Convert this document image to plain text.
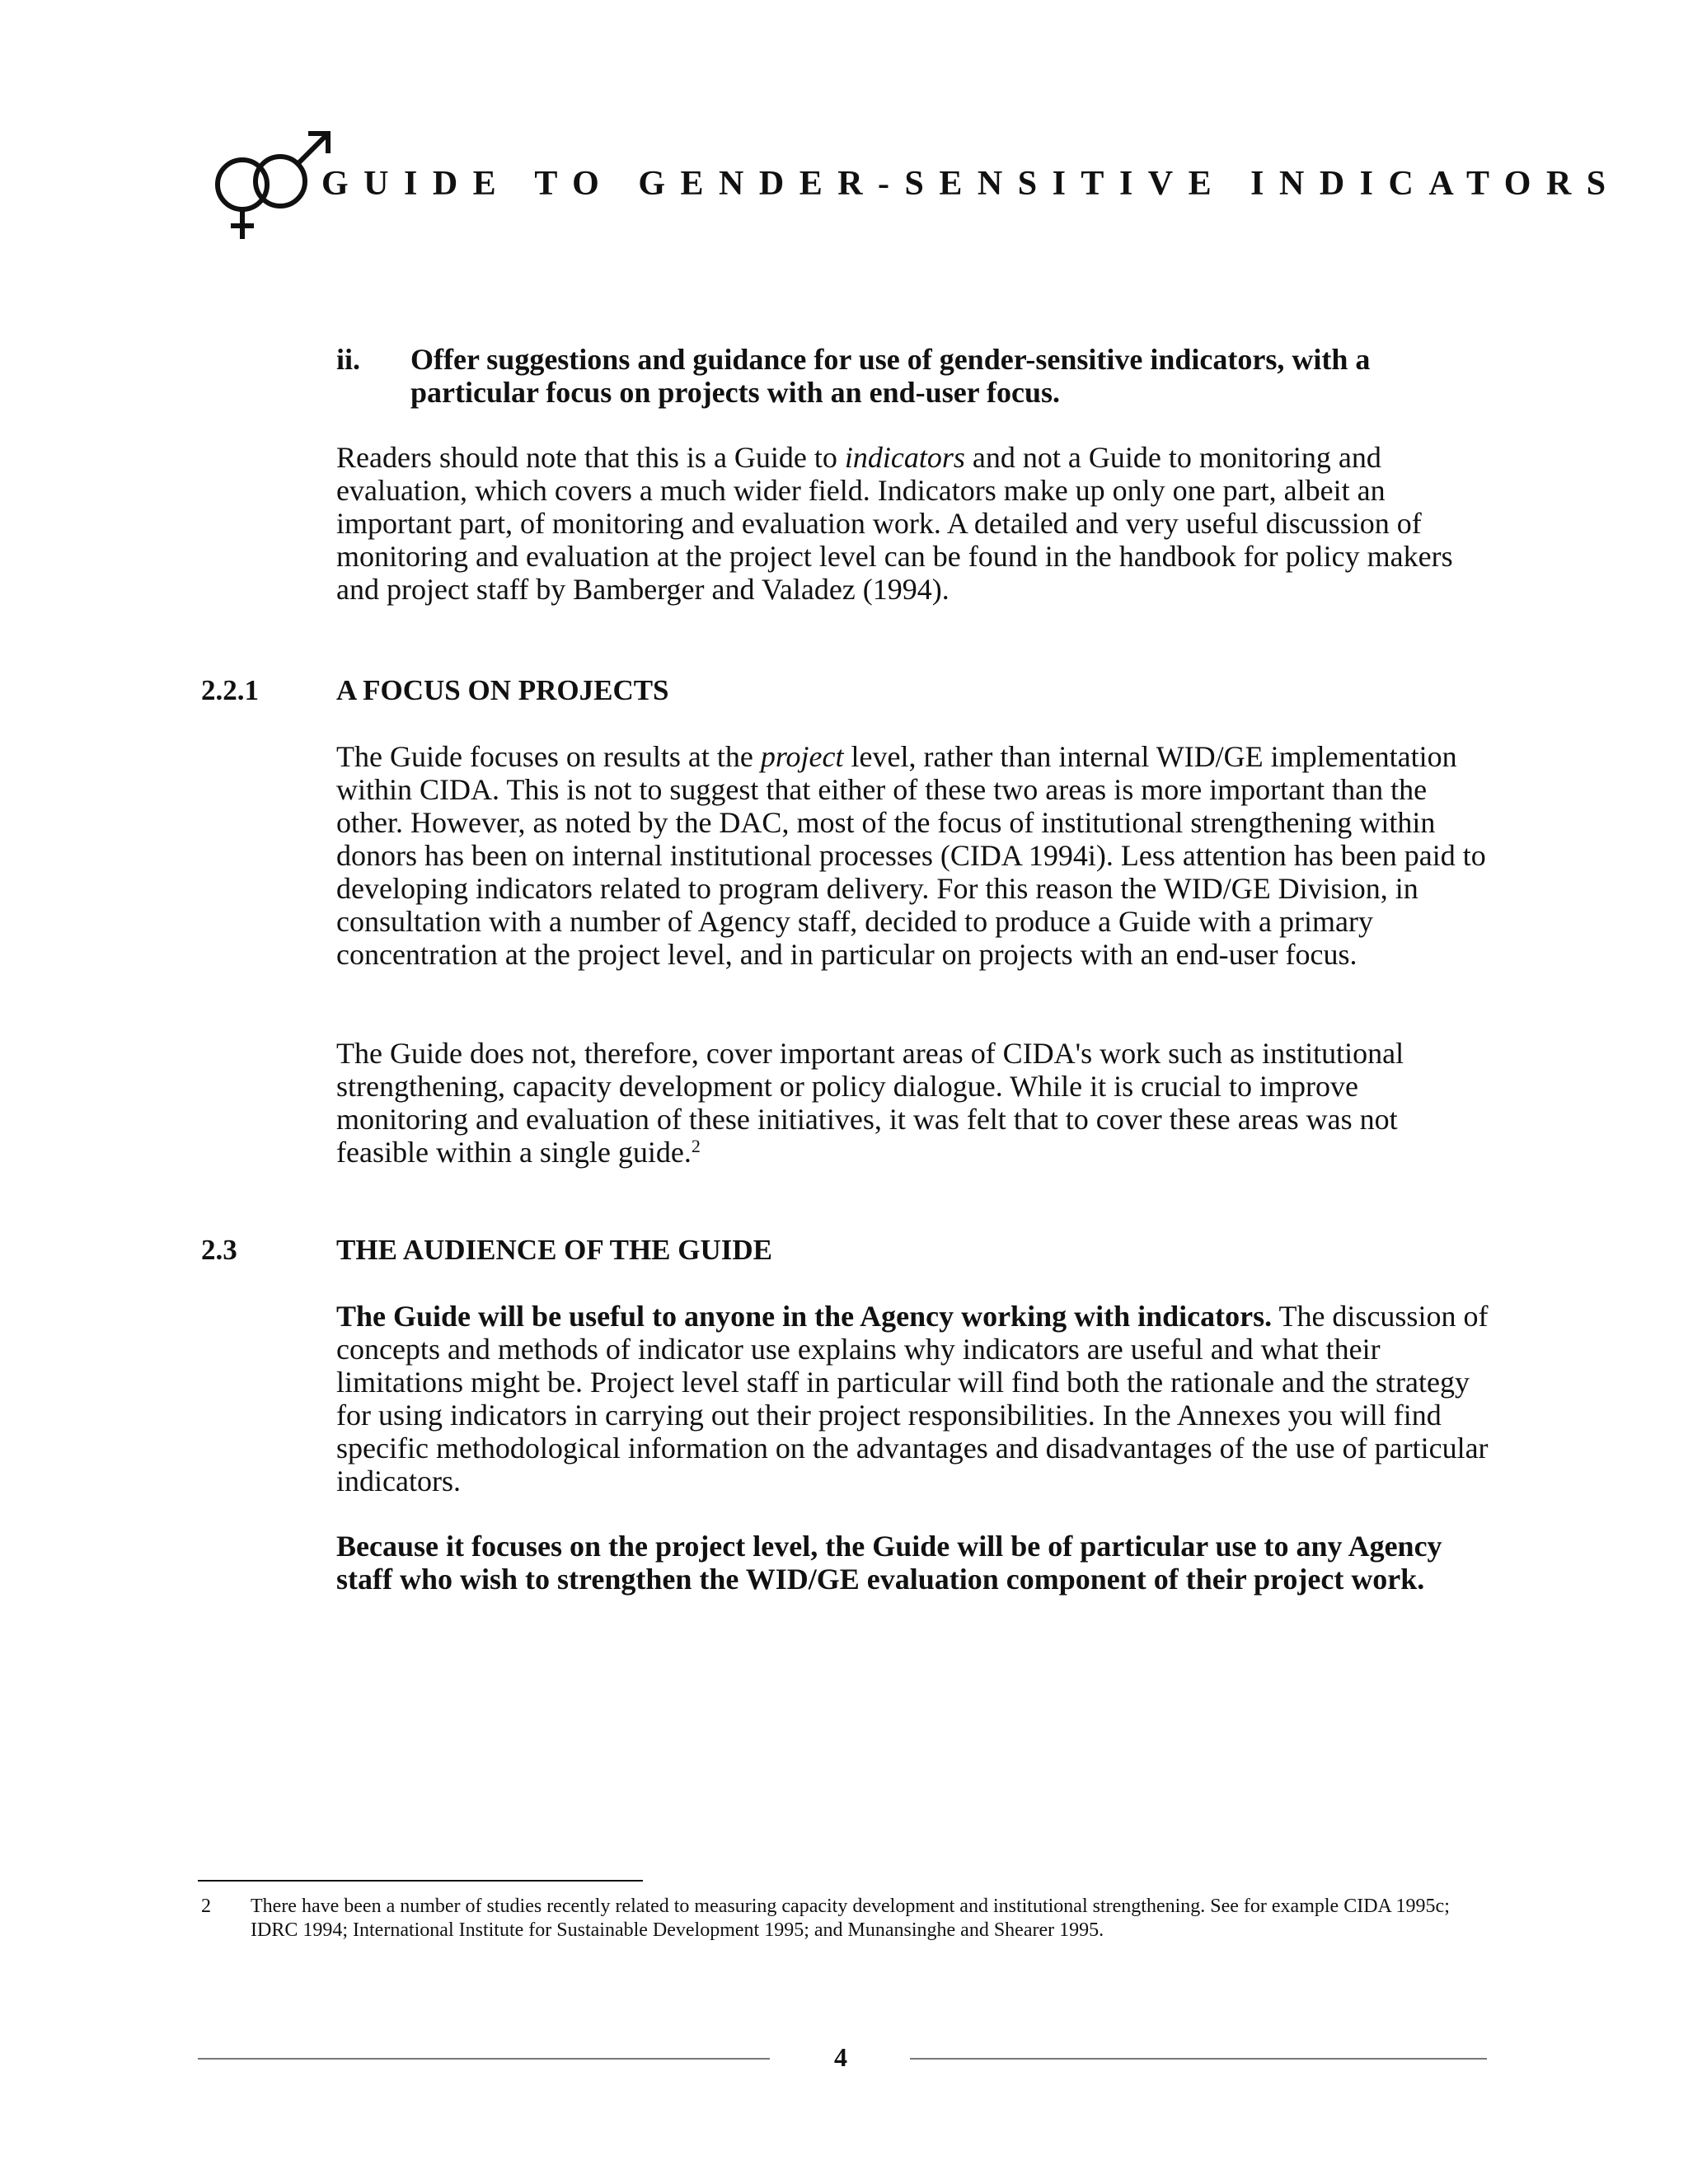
GUIDE TO GENDER-SENSITIVE INDICATORS
ii. Offer suggestions and guidance for use of gender-sensitive indicators, with a particular focus on projects with an end-user focus.

Readers should note that this is a Guide to indicators and not a Guide to monitoring and evaluation, which covers a much wider field. Indicators make up only one part, albeit an important part, of monitoring and evaluation work. A detailed and very useful discussion of monitoring and evaluation at the project level can be found in the handbook for policy makers and project staff by Bamberger and Valadez (1994).

2.2.1	A FOCUS ON PROJECTS

The Guide focuses on results at the project level, rather than internal WID/GE implementation within CIDA. This is not to suggest that either of these two areas is more important than the other. However, as noted by the DAC, most of the focus of institutional strengthening within donors has been on internal institutional processes (CIDA 1994i). Less attention has been paid to developing indicators related to program delivery. For this reason the WID/GE Division, in consultation with a number of Agency staff, decided to produce a Guide with a primary concentration at the project level, and in particular on projects with an end-user focus.

The Guide does not, therefore, cover important areas of CIDA's work such as institutional strengthening, capacity development or policy dialogue. While it is crucial to improve monitoring and evaluation of these initiatives, it was felt that to cover these areas was not feasible within a single guide.$^2$

2.3	THE AUDIENCE OF THE GUIDE

The Guide will be useful to anyone in the Agency working with indicators. The discussion of concepts and methods of indicator use explains why indicators are useful and what their limitations might be. Project level staff in particular will find both the rationale and the strategy for using indicators in carrying out their project responsibilities. In the Annexes you will find specific methodological information on the advantages and disadvantages of the use of particular indicators.

Because it focuses on the project level, the Guide will be of particular use to any Agency staff who wish to strengthen the WID/GE evaluation component of their project work.

2 There have been a number of studies recently related to measuring capacity development and institutional strengthening. See for example CIDA 1995c; IDRC 1994; International Institute for Sustainable Development 1995; and Munansinghe and Shearer 1995.
4
